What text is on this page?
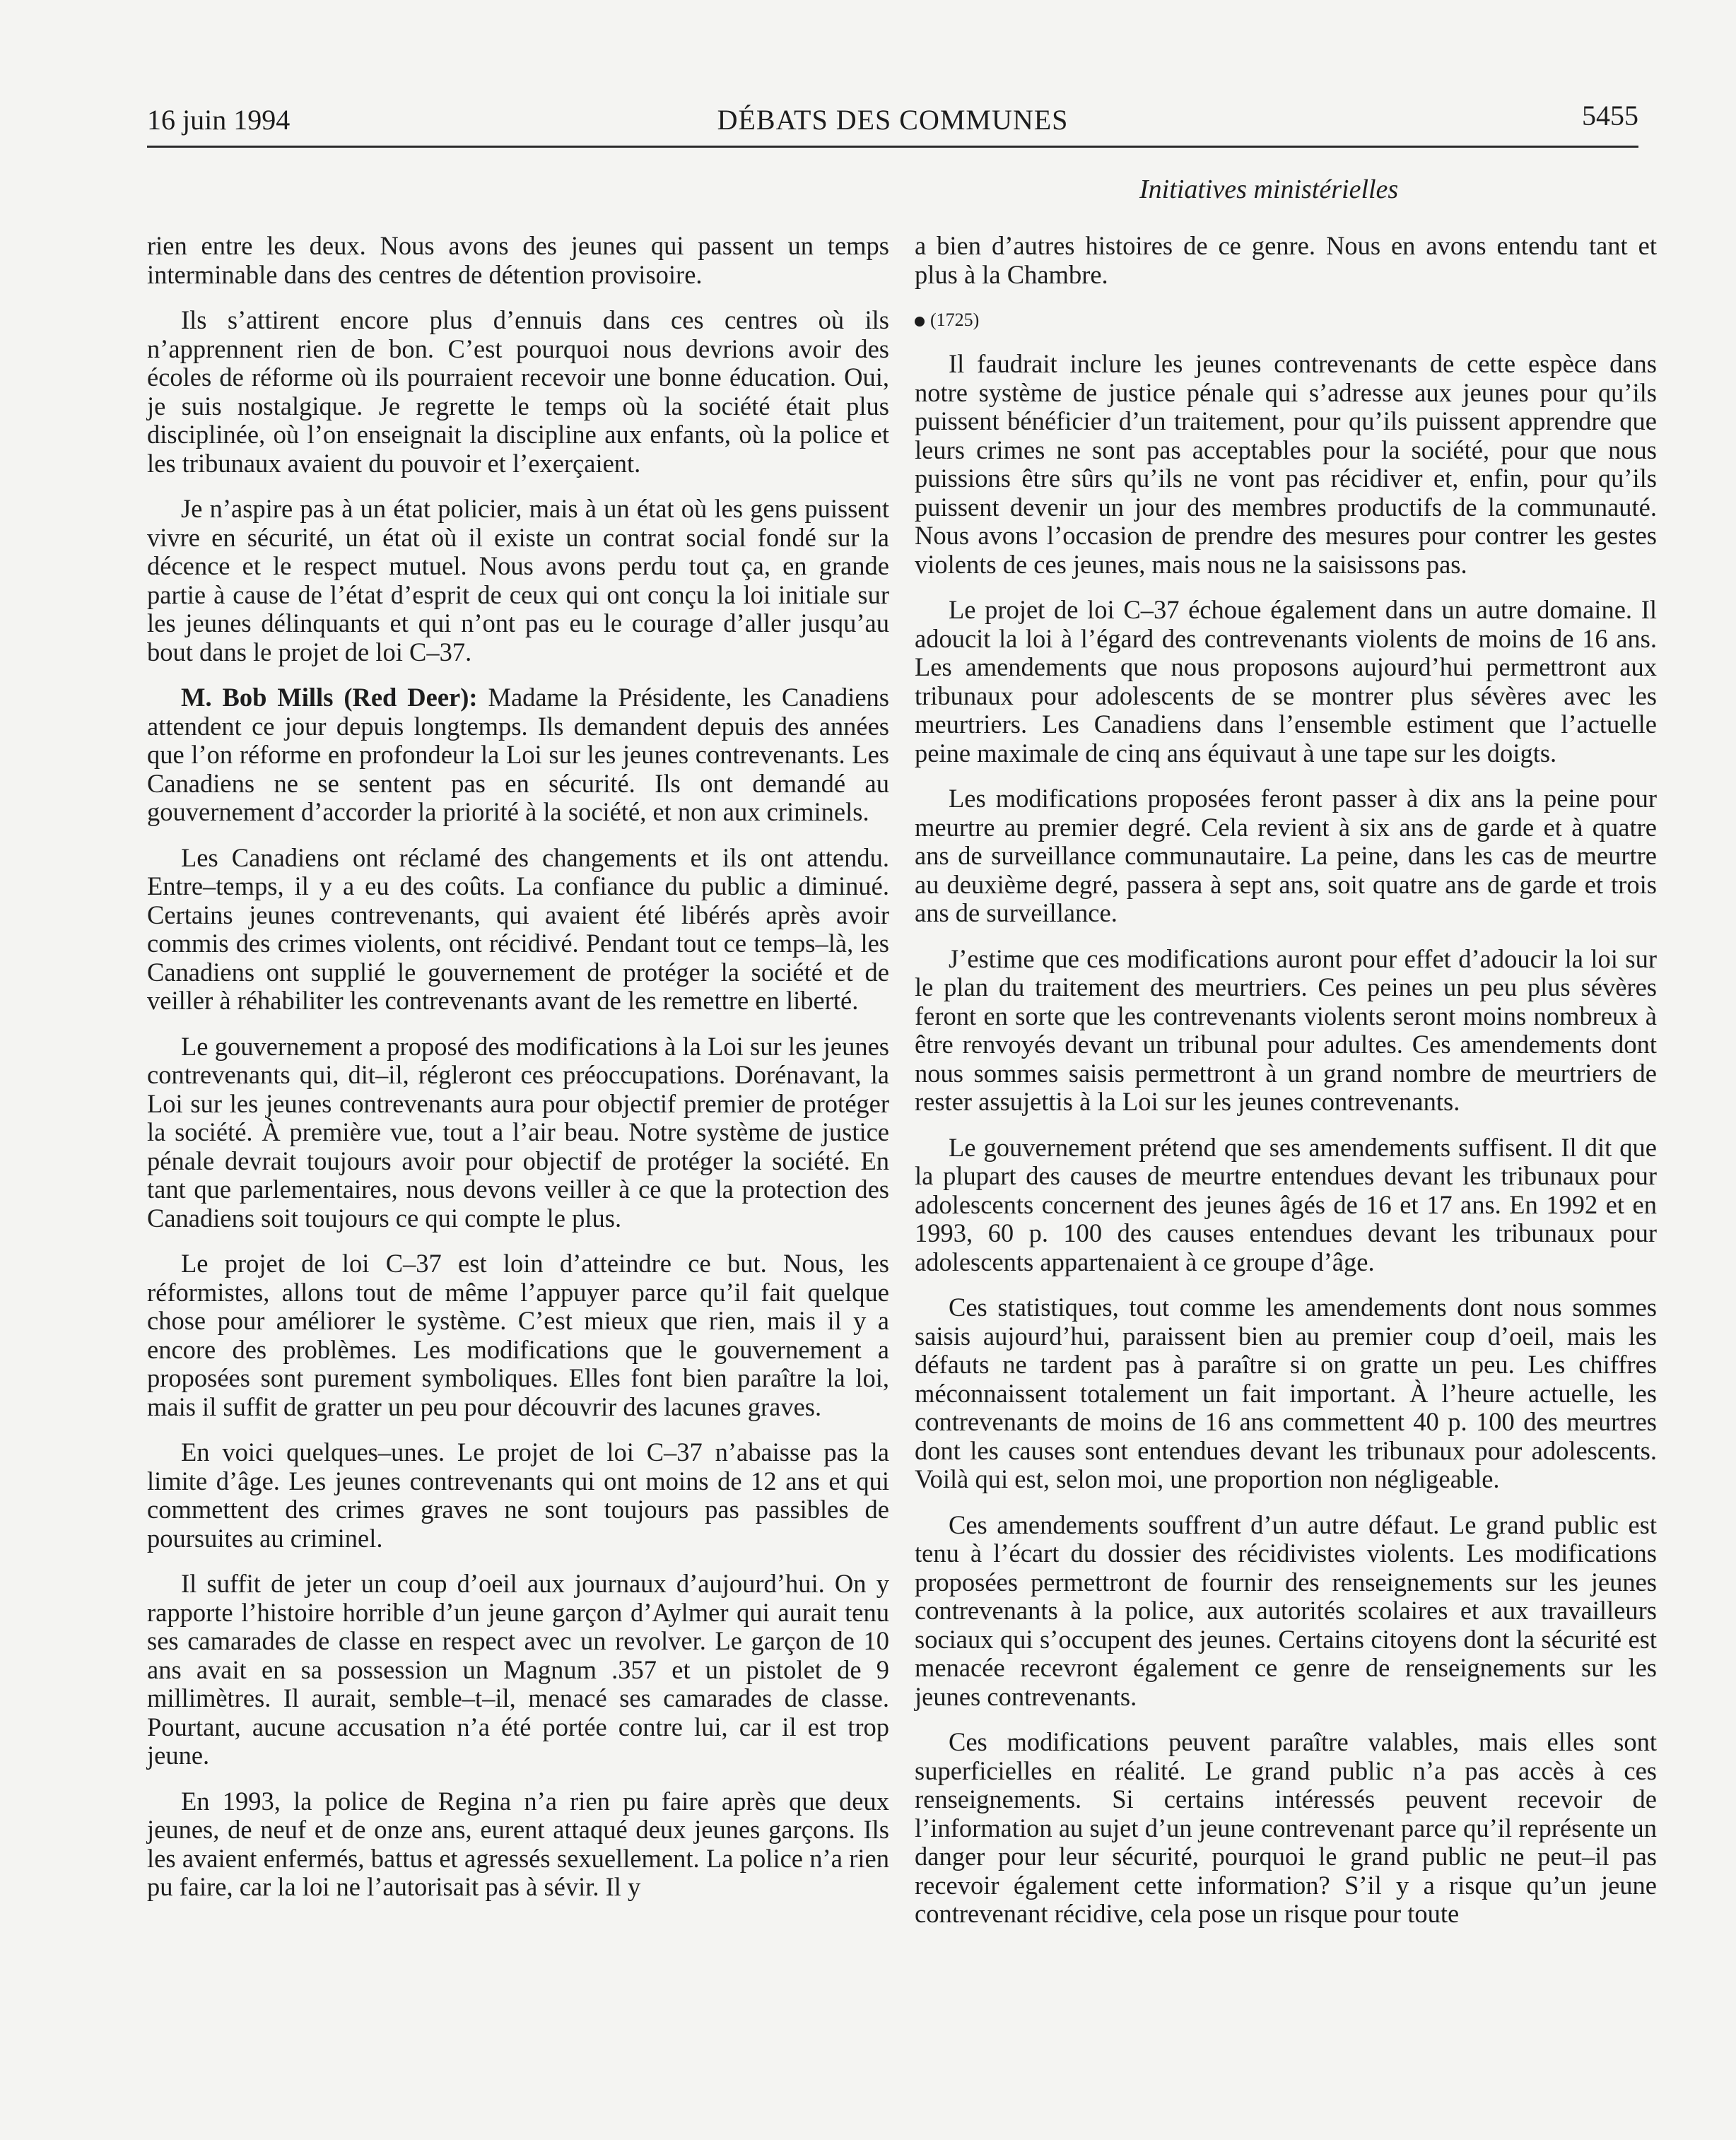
16 juin 1994	DÉBATS DES COMMUNES	5455
Initiatives ministérielles

rien entre les deux. Nous avons des jeunes qui passent un temps interminable dans des centres de détention provisoire.

Ils s’attirent encore plus d’ennuis dans ces centres où ils n’apprennent rien de bon. C’est pourquoi nous devrions avoir des écoles de réforme où ils pourraient recevoir une bonne éducation. Oui, je suis nostalgique. Je regrette le temps où la société était plus disciplinée, où l’on enseignait la discipline aux enfants, où la police et les tribunaux avaient du pouvoir et l’exerçaient.

Je n’aspire pas à un état policier, mais à un état où les gens puissent vivre en sécurité, un état où il existe un contrat social fondé sur la décence et le respect mutuel. Nous avons perdu tout ça, en grande partie à cause de l’état d’esprit de ceux qui ont conçu la loi initiale sur les jeunes délinquants et qui n’ont pas eu le courage d’aller jusqu’au bout dans le projet de loi C–37.

M. Bob Mills (Red Deer): Madame la Présidente, les Canadiens attendent ce jour depuis longtemps. Ils demandent depuis des années que l’on réforme en profondeur la Loi sur les jeunes contrevenants. Les Canadiens ne se sentent pas en sécurité. Ils ont demandé au gouvernement d’accorder la priorité à la société, et non aux criminels.

Les Canadiens ont réclamé des changements et ils ont attendu. Entre–temps, il y a eu des coûts. La confiance du public a diminué. Certains jeunes contrevenants, qui avaient été libérés après avoir commis des crimes violents, ont récidivé. Pendant tout ce temps–là, les Canadiens ont supplié le gouvernement de protéger la société et de veiller à réhabiliter les contrevenants avant de les remettre en liberté.

Le gouvernement a proposé des modifications à la Loi sur les jeunes contrevenants qui, dit–il, régleront ces préoccupations. Dorénavant, la Loi sur les jeunes contrevenants aura pour objectif premier de protéger la société. À première vue, tout a l’air beau. Notre système de justice pénale devrait toujours avoir pour objectif de protéger la société. En tant que parlementaires, nous devons veiller à ce que la protection des Canadiens soit toujours ce qui compte le plus.

Le projet de loi C–37 est loin d’atteindre ce but. Nous, les réformistes, allons tout de même l’appuyer parce qu’il fait quelque chose pour améliorer le système. C’est mieux que rien, mais il y a encore des problèmes. Les modifications que le gouvernement a proposées sont purement symboliques. Elles font bien paraître la loi, mais il suffit de gratter un peu pour découvrir des lacunes graves.

En voici quelques–unes. Le projet de loi C–37 n’abaisse pas la limite d’âge. Les jeunes contrevenants qui ont moins de 12 ans et qui commettent des crimes graves ne sont toujours pas passibles de poursuites au criminel.

Il suffit de jeter un coup d’oeil aux journaux d’aujourd’hui. On y rapporte l’histoire horrible d’un jeune garçon d’Aylmer qui aurait tenu ses camarades de classe en respect avec un revolver. Le garçon de 10 ans avait en sa possession un Magnum .357 et un pistolet de 9 millimètres. Il aurait, semble–t–il, menacé ses camarades de classe. Pourtant, aucune accusation n’a été portée contre lui, car il est trop jeune.

En 1993, la police de Regina n’a rien pu faire après que deux jeunes, de neuf et de onze ans, eurent attaqué deux jeunes garçons. Ils les avaient enfermés, battus et agressés sexuellement. La police n’a rien pu faire, car la loi ne l’autorisait pas à sévir. Il y

a bien d’autres histoires de ce genre. Nous en avons entendu tant et plus à la Chambre.

(1725)

Il faudrait inclure les jeunes contrevenants de cette espèce dans notre système de justice pénale qui s’adresse aux jeunes pour qu’ils puissent bénéficier d’un traitement, pour qu’ils puissent apprendre que leurs crimes ne sont pas acceptables pour la société, pour que nous puissions être sûrs qu’ils ne vont pas récidiver et, enfin, pour qu’ils puissent devenir un jour des membres productifs de la communauté. Nous avons l’occasion de prendre des mesures pour contrer les gestes violents de ces jeunes, mais nous ne la saisissons pas.

Le projet de loi C–37 échoue également dans un autre domaine. Il adoucit la loi à l’égard des contrevenants violents de moins de 16 ans. Les amendements que nous proposons aujourd’hui permettront aux tribunaux pour adolescents de se montrer plus sévères avec les meurtriers. Les Canadiens dans l’ensemble estiment que l’actuelle peine maximale de cinq ans équivaut à une tape sur les doigts.

Les modifications proposées feront passer à dix ans la peine pour meurtre au premier degré. Cela revient à six ans de garde et à quatre ans de surveillance communautaire. La peine, dans les cas de meurtre au deuxième degré, passera à sept ans, soit quatre ans de garde et trois ans de surveillance.

J’estime que ces modifications auront pour effet d’adoucir la loi sur le plan du traitement des meurtriers. Ces peines un peu plus sévères feront en sorte que les contrevenants violents seront moins nombreux à être renvoyés devant un tribunal pour adultes. Ces amendements dont nous sommes saisis permettront à un grand nombre de meurtriers de rester assujettis à la Loi sur les jeunes contrevenants.

Le gouvernement prétend que ses amendements suffisent. Il dit que la plupart des causes de meurtre entendues devant les tribunaux pour adolescents concernent des jeunes âgés de 16 et 17 ans. En 1992 et en 1993, 60 p. 100 des causes entendues devant les tribunaux pour adolescents appartenaient à ce groupe d’âge.

Ces statistiques, tout comme les amendements dont nous sommes saisis aujourd’hui, paraissent bien au premier coup d’oeil, mais les défauts ne tardent pas à paraître si on gratte un peu. Les chiffres méconnaissent totalement un fait important. À l’heure actuelle, les contrevenants de moins de 16 ans commettent 40 p. 100 des meurtres dont les causes sont entendues devant les tribunaux pour adolescents. Voilà qui est, selon moi, une proportion non négligeable.

Ces amendements souffrent d’un autre défaut. Le grand public est tenu à l’écart du dossier des récidivistes violents. Les modifications proposées permettront de fournir des renseignements sur les jeunes contrevenants à la police, aux autorités scolaires et aux travailleurs sociaux qui s’occupent des jeunes. Certains citoyens dont la sécurité est menacée recevront également ce genre de renseignements sur les jeunes contrevenants.

Ces modifications peuvent paraître valables, mais elles sont superficielles en réalité. Le grand public n’a pas accès à ces renseignements. Si certains intéressés peuvent recevoir de l’information au sujet d’un jeune contrevenant parce qu’il représente un danger pour leur sécurité, pourquoi le grand public ne peut–il pas recevoir également cette information? S’il y a risque qu’un jeune contrevenant récidive, cela pose un risque pour toute
